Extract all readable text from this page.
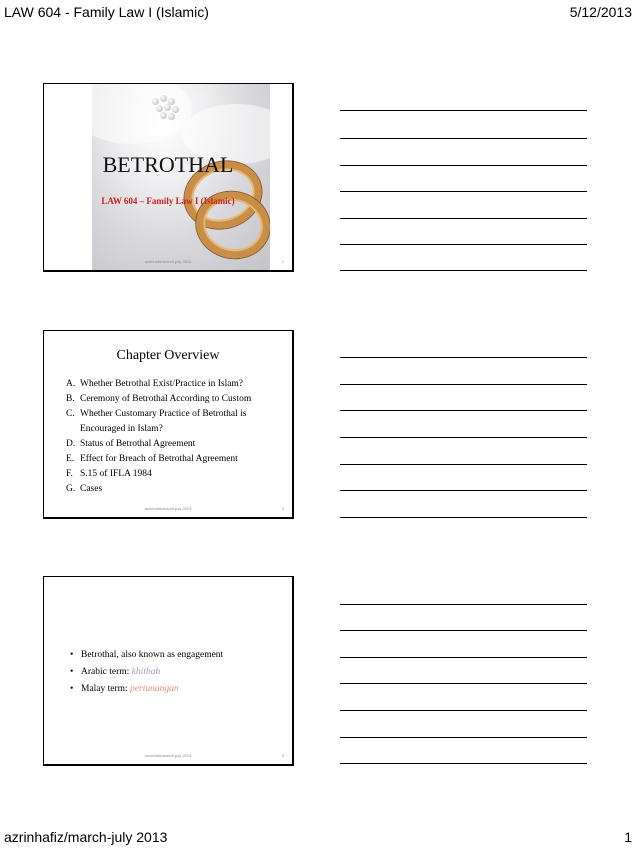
LAW 604 - Family Law I (Islamic)	5/12/2013
BETROTHAL
LAW 604 – Family Law I (Islamic)
azrinhafiz/march-july 2013	1
Chapter Overview
A. Whether Betrothal Exist/Practice in Islam?
B. Ceremony of Betrothal According to Custom
C. Whether Customary Practice of Betrothal is Encouraged in Islam?
D. Status of Betrothal Agreement
E. Effect for Breach of Betrothal Agreement
F. S.15 of IFLA 1984
G. Cases
azrinhafiz/march-july 2013	2
• Betrothal, also known as engagement
• Arabic term: khitbah
• Malay term: pertunangan
azrinhafiz/march-july 2013	3
azrinhafiz/march-july 2013	1
